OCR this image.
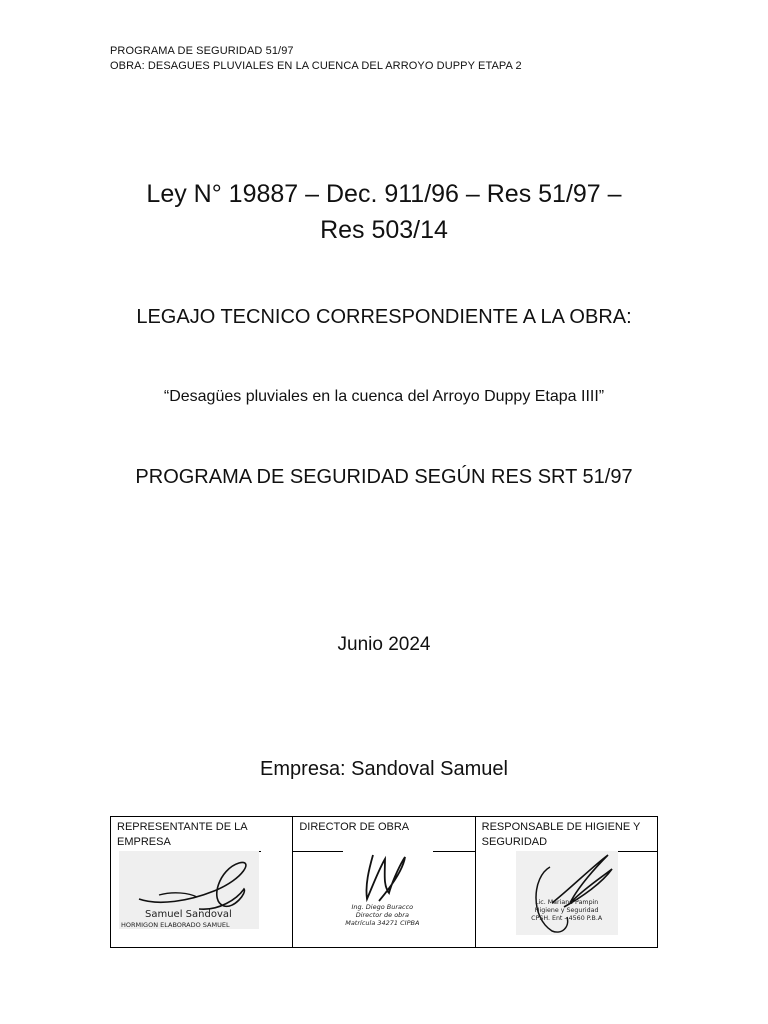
PROGRAMA DE SEGURIDAD 51/97
OBRA: DESAGUES PLUVIALES EN LA CUENCA DEL ARROYO DUPPY ETAPA 2
Ley N° 19887 – Dec. 911/96 – Res 51/97 –
Res 503/14
LEGAJO TECNICO CORRESPONDIENTE A LA OBRA:
“Desagües pluviales en la cuenca del Arroyo Duppy Etapa IIII”
PROGRAMA DE SEGURIDAD SEGÚN RES SRT 51/97
Junio 2024
Empresa: Sandoval Samuel
REPRESENTANTE DE LA EMPRESA
Samuel Sandoval
HORMIGON ELABORADO SAMUEL
DIRECTOR DE OBRA
Ing. Diego Buracco
Director de obra
Matrícula 34271 CIPBA
RESPONSABLE DE HIGIENE Y SEGURIDAD
Lic. Mariano Pampin
Higiene y Seguridad
CPSH. Ent - 4560 P.B.A
